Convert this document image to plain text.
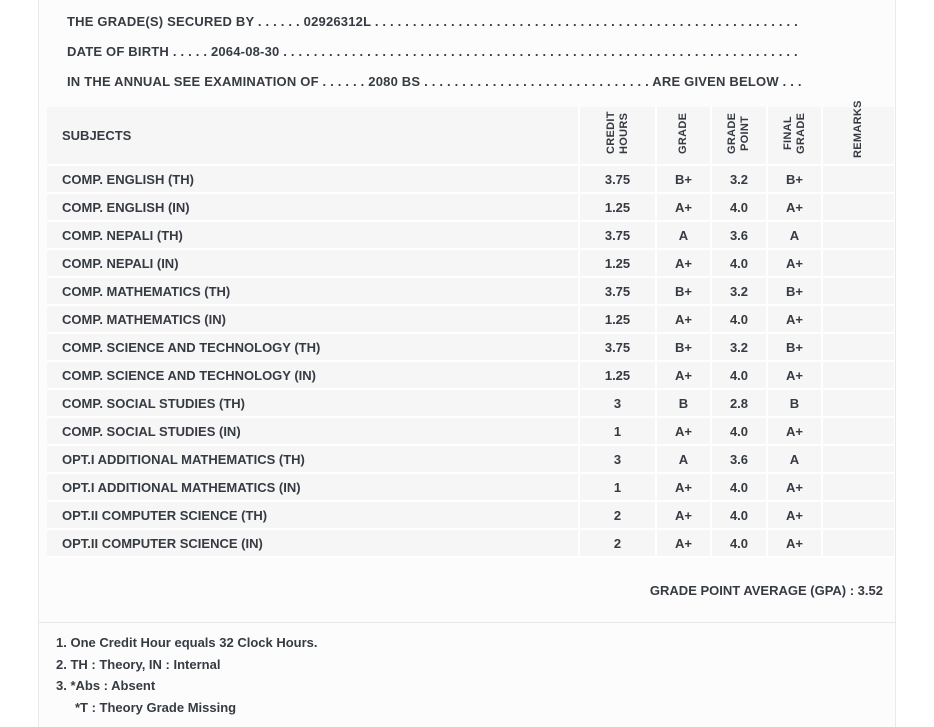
THE GRADE(S) SECURED BY . . . . . . 02926312L . . . . . . . . . . . . . . . . . . . . . . . . . . . . . . . . . . . . . . . . . . . . . . . . . . . . . . . .
DATE OF BIRTH . . . . . 2064-08-30 . . . . . . . . . . . . . . . . . . . . . . . . . . . . . . . . . . . . . . . . . . . . . . . . . . . . . . . . . . . . . . . . . . . .
IN THE ANNUAL SEE EXAMINATION OF . . . . . . 2080 BS . . . . . . . . . . . . . . . . . . . . . . . . . . . . . . ARE GIVEN BELOW . . .
SUBJECTS	CREDIT HOURS	GRADE	GRADE POINT	FINAL GRADE	REMARKS
COMP. ENGLISH (TH)	3.75	B+	3.2	B+	
COMP. ENGLISH (IN)	1.25	A+	4.0	A+	
COMP. NEPALI (TH)	3.75	A	3.6	A	
COMP. NEPALI (IN)	1.25	A+	4.0	A+	
COMP. MATHEMATICS (TH)	3.75	B+	3.2	B+	
COMP. MATHEMATICS (IN)	1.25	A+	4.0	A+	
COMP. SCIENCE AND TECHNOLOGY (TH)	3.75	B+	3.2	B+	
COMP. SCIENCE AND TECHNOLOGY (IN)	1.25	A+	4.0	A+	
COMP. SOCIAL STUDIES (TH)	3	B	2.8	B	
COMP. SOCIAL STUDIES (IN)	1	A+	4.0	A+	
OPT.I ADDITIONAL MATHEMATICS (TH)	3	A	3.6	A	
OPT.I ADDITIONAL MATHEMATICS (IN)	1	A+	4.0	A+	
OPT.II COMPUTER SCIENCE (TH)	2	A+	4.0	A+	
OPT.II COMPUTER SCIENCE (IN)	2	A+	4.0	A+	
GRADE POINT AVERAGE (GPA) : 3.52
1. One Credit Hour equals 32 Clock Hours.
2. TH : Theory, IN : Internal
3. *Abs : Absent
*T : Theory Grade Missing
